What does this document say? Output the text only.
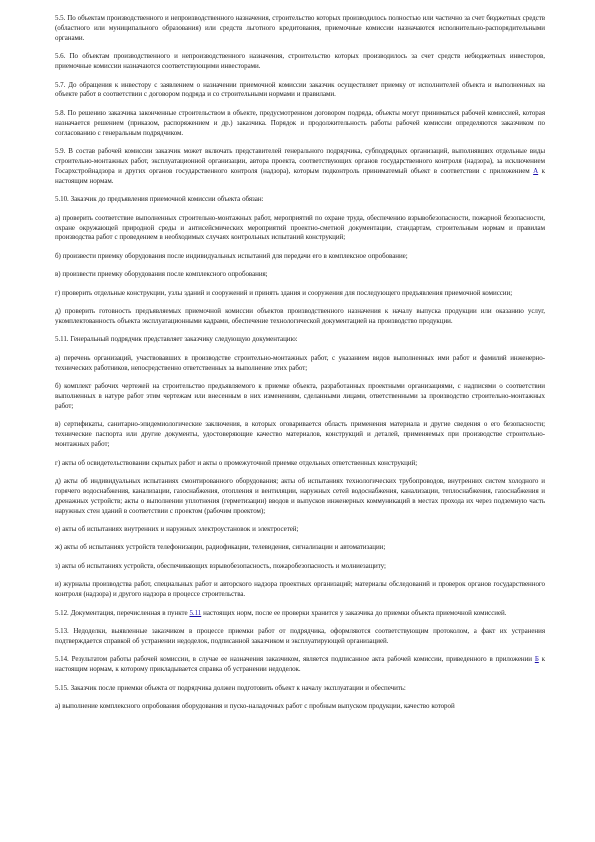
5.5. По объектам производственного и непроизводственного назначения, строительство которых производилось полностью или частично за счет бюджетных средств (областного или муниципального образования) или средств льготного кредитования, приемочные комиссии назначаются исполнительно-распорядительными органами.

5.6. По объектам производственного и непроизводственного назначения, строительство которых производилось за счет средств небюджетных инвесторов, приемочные комиссии назначаются соответствующими инвесторами.

5.7. До обращения к инвестору с заявлением о назначении приемочной комиссии заказчик осуществляет приемку от исполнителей объекта и выполненных на объекте работ в соответствии с договором подряда и со строительными нормами и правилами.

5.8. По решению заказчика законченные строительством в объекте, предусмотренном договором подряда, объекты могут приниматься рабочей комиссией, которая назначается решением (приказом, распоряжением и др.) заказчика. Порядок и продолжительность работы рабочей комиссии определяются заказчиком по согласованию с генеральным подрядчиком.

5.9. В состав рабочей комиссии заказчик может включать представителей генерального подрядчика, субподрядных организаций, выполнявших отдельные виды строительно-монтажных работ, эксплуатационной организации, автора проекта, соответствующих органов государственного контроля (надзора), за исключением Госархстройнадзора и других органов государственного контроля (надзора), которым подконтроль приниматемый объект в соответствии с приложением А к настоящим нормам.

5.10. Заказчик до предъявления приемочной комиссии объекта обязан:

а) проверить соответствие выполненных строительно-монтажных работ, мероприятий по охране труда, обеспечению взрывобезопасности, пожарной безопасности, охране окружающей природной среды и антисейсмических мероприятий проектно-сметной документации, стандартам, строительным нормам и правилам производства работ с проведением в необходимых случаях контрольных испытаний конструкций;

б) произвести приемку оборудования после индивидуальных испытаний для передачи его в комплексное опробование;

в) произвести приемку оборудования после комплексного опробования;

г) проверить отдельные конструкции, узлы зданий и сооружений и принять здания и сооружения для последующего предъявления приемочной комиссии;

д) проверить готовность предъявляемых приемочной комиссии объектов производственного назначения к началу выпуска продукции или оказанию услуг, укомплектованность объекта эксплуатационными кадрами, обеспечение технологической документацией на производство продукции.

5.11. Генеральный подрядчик представляет заказчику следующую документацию:

а) перечень организаций, участвовавших в производстве строительно-монтажных работ, с указанием видов выполненных ими работ и фамилий инженерно-технических работников, непосредственно ответственных за выполнение этих работ;

б) комплект рабочих чертежей на строительство предъявляемого к приемке объекта, разработанных проектными организациями, с надписями о соответствии выполненных в натуре работ этим чертежам или внесенным в них изменениям, сделанными лицами, ответственными за производство строительно-монтажных работ;

в) сертификаты, санитарно-эпидемиологические заключения, в которых оговаривается область применения материала и другие сведения о его безопасности; технические паспорта или другие документы, удостоверяющие качество материалов, конструкций и деталей, применяемых при производстве строительно-монтажных работ;

г) акты об освидетельствовании скрытых работ и акты о промежуточной приемке отдельных ответственных конструкций;

д) акты об индивидуальных испытаниях смонтированного оборудования; акты об испытаниях технологических трубопроводов, внутренних систем холодного и горячего водоснабжения, канализации, газоснабжения, отопления и вентиляции, наружных сетей водоснабжения, канализации, теплоснабжения, газоснабжения и дренажных устройств; акты о выполнении уплотнения (герметизации) вводов и выпусков инженерных коммуникаций в местах прохода их через подземную часть наружных стен зданий в соответствии с проектом (рабочим проектом);

е) акты об испытаниях внутренних и наружных электроустановок и электросетей;

ж) акты об испытаниях устройств телефонизации, радиофикации, телевидения, сигнализации и автоматизации;

з) акты об испытаниях устройств, обеспечивающих взрывобезопасность, пожаробезопасность и молниезащиту;

и) журналы производства работ, специальных работ и авторского надзора проектных организаций; материалы обследований и проверок органов государственного контроля (надзора) и другого надзора в процессе строительства.

5.12. Документация, перечисленная в пункте 5.11 настоящих норм, после ее проверки хранится у заказчика до приемки объекта приемочной комиссией.

5.13. Недоделки, выявленные заказчиком в процессе приемки работ от подрядчика, оформляются соответствующим протоколом, а факт их устранения подтверждается справкой об устранении недоделок, подписанной заказчиком и эксплуатирующей организацией.

5.14. Результатом работы рабочей комиссии, в случае ее назначения заказчиком, является подписанное акта рабочей комиссии, приведенного в приложении Б к настоящим нормам, к которому прикладывается справка об устранении недоделок.

5.15. Заказчик после приемки объекта от подрядчика должен подготовить объект к началу эксплуатации и обеспечить:

а) выполнение комплексного опробования оборудования и пуско-наладочных работ с пробным выпуском продукции, качество которой
